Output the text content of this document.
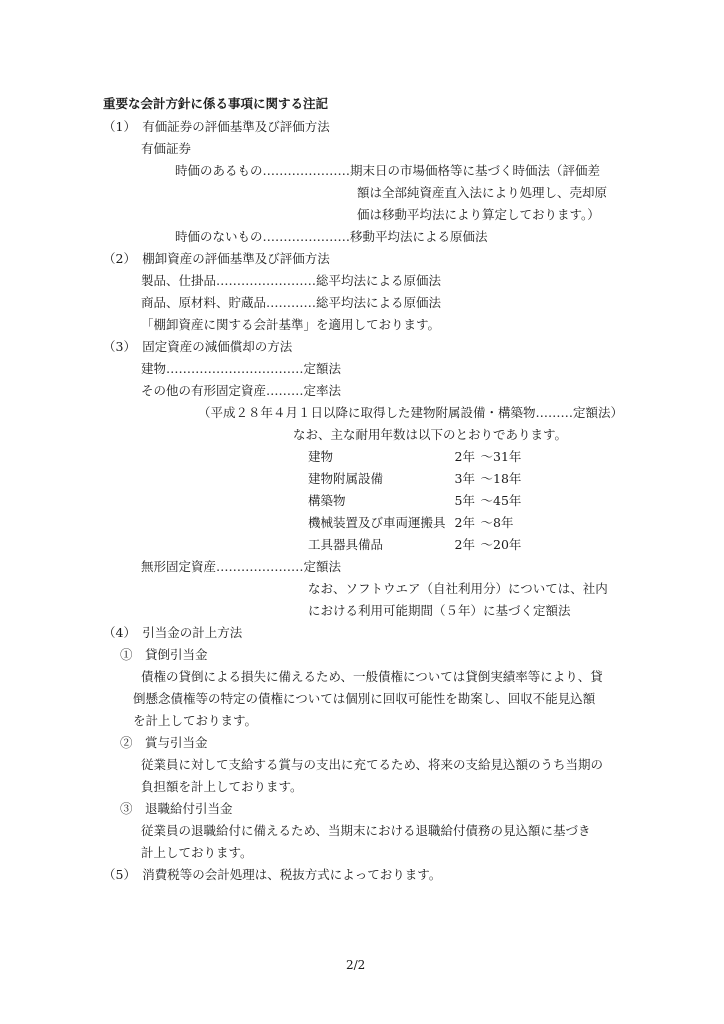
重要な会計方針に係る事項に関する注記
（1）　有価証券の評価基準及び評価方法
有価証券
時価のあるもの…………………期末日の市場価格等に基づく時価法（評価差
額は全部純資産直入法により処理し、売却原
価は移動平均法により算定しております。）
時価のないもの…………………移動平均法による原価法
（2）　棚卸資産の評価基準及び評価方法
製品、仕掛品……………………総平均法による原価法
商品、原材料、貯蔵品…………総平均法による原価法
「棚卸資産に関する会計基準」を適用しております。
（3）　固定資産の減価償却の方法
建物……………………………定額法
その他の有形固定資産………定率法
（平成２８年４月１日以降に取得した建物附属設備・構築物………定額法）
なお、主な耐用年数は以下のとおりであります。
建物	2年 ～31年
建物附属設備	3年 ～18年
構築物	5年 ～45年
機械装置及び車両運搬具 2年 ～8年
工具器具備品	2年 ～20年
無形固定資産…………………定額法
なお、ソフトウエア（自社利用分）については、社内
における利用可能期間（５年）に基づく定額法
（4）　引当金の計上方法
①　貸倒引当金
債権の貸倒による損失に備えるため、一般債権については貸倒実績率等により、貸
倒懸念債権等の特定の債権については個別に回収可能性を勘案し、回収不能見込額
を計上しております。
②　賞与引当金
従業員に対して支給する賞与の支出に充てるため、将来の支給見込額のうち当期の
負担額を計上しております。
③　退職給付引当金
従業員の退職給付に備えるため、当期末における退職給付債務の見込額に基づき
計上しております。
（5）　消費税等の会計処理は、税抜方式によっております。
2/2
